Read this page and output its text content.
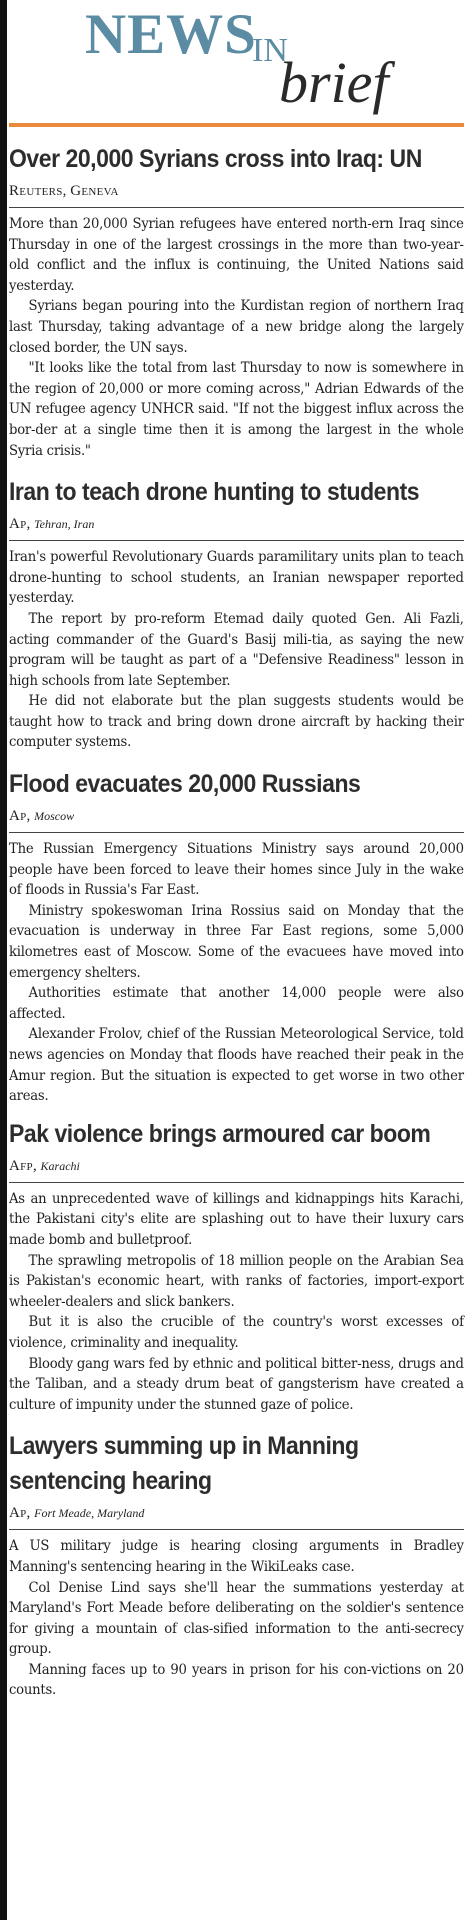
NEWS
IN
brief
Over 20,000 Syrians cross into Iraq: UN
Reuters, Geneva

More than 20,000 Syrian refugees have entered north-ern Iraq since Thursday in one of the largest crossings in the more than two-year-old conflict and the influx is continuing, the United Nations said yesterday.

Syrians began pouring into the Kurdistan region of northern Iraq last Thursday, taking advantage of a new bridge along the largely closed border, the UN says.

"It looks like the total from last Thursday to now is somewhere in the region of 20,000 or more coming across," Adrian Edwards of the UN refugee agency UNHCR said. "If not the biggest influx across the bor-der at a single time then it is among the largest in the whole Syria crisis."

Iran to teach drone hunting to students
Ap, Tehran, Iran

Iran's powerful Revolutionary Guards paramilitary units plan to teach drone-hunting to school students, an Iranian newspaper reported yesterday.

The report by pro-reform Etemad daily quoted Gen. Ali Fazli, acting commander of the Guard's Basij mili-tia, as saying the new program will be taught as part of a "Defensive Readiness" lesson in high schools from late September.

He did not elaborate but the plan suggests students would be taught how to track and bring down drone aircraft by hacking their computer systems.

Flood evacuates 20,000 Russians
Ap, Moscow

The Russian Emergency Situations Ministry says around 20,000 people have been forced to leave their homes since July in the wake of floods in Russia's Far East.

Ministry spokeswoman Irina Rossius said on Monday that the evacuation is underway in three Far East regions, some 5,000 kilometres east of Moscow. Some of the evacuees have moved into emergency shelters.

Authorities estimate that another 14,000 people were also affected.

Alexander Frolov, chief of the Russian Meteorological Service, told news agencies on Monday that floods have reached their peak in the Amur region. But the situation is expected to get worse in two other areas.

Pak violence brings armoured car boom
Afp, Karachi

As an unprecedented wave of killings and kidnappings hits Karachi, the Pakistani city's elite are splashing out to have their luxury cars made bomb and bulletproof.

The sprawling metropolis of 18 million people on the Arabian Sea is Pakistan's economic heart, with ranks of factories, import-export wheeler-dealers and slick bankers.

But it is also the crucible of the country's worst excesses of violence, criminality and inequality.

Bloody gang wars fed by ethnic and political bitter-ness, drugs and the Taliban, and a steady drum beat of gangsterism have created a culture of impunity under the stunned gaze of police.

Lawyers summing up in Manning sentencing hearing
Ap, Fort Meade, Maryland

A US military judge is hearing closing arguments in Bradley Manning's sentencing hearing in the WikiLeaks case.

Col Denise Lind says she'll hear the summations yesterday at Maryland's Fort Meade before deliberating on the soldier's sentence for giving a mountain of clas-sified information to the anti-secrecy group.

Manning faces up to 90 years in prison for his con-victions on 20 counts.
